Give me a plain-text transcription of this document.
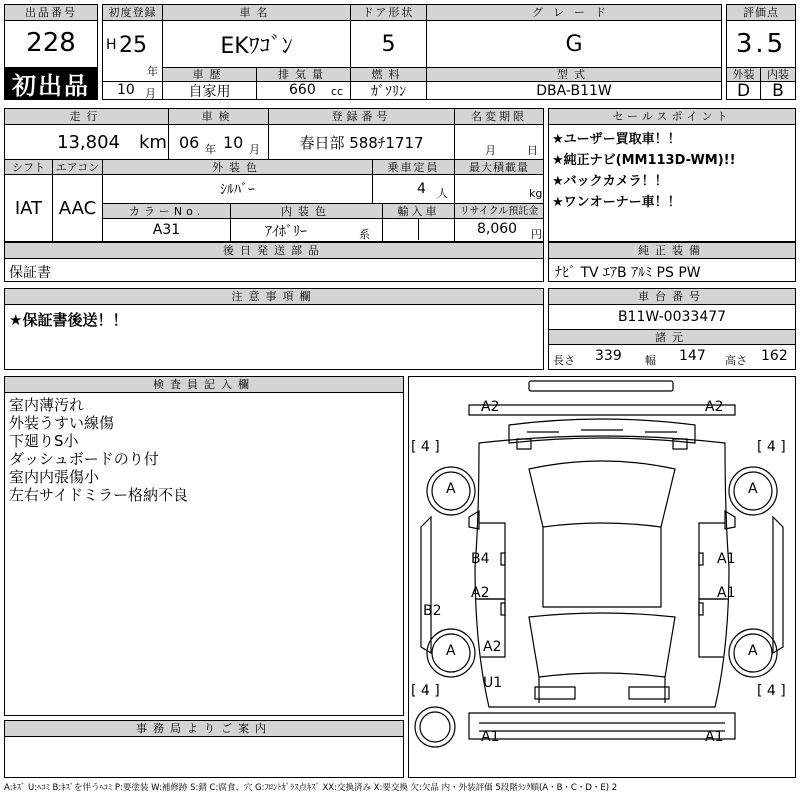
出品番号
228
初出品
初度登録	車名	ドア形状	グレード
H 25
年
EKﾜｺﾞﾝ	5	G
車歴	排気量	燃料	型式
10 月	自家用	660 cc	ｶﾞｿﾘﾝ	DBA-B11W
評価点
3.5
外装	内装
D	B
走行	車検	登録番号	名変期限
13,804 km 06 年 10 月	春日部 588ﾁ1717	月	日
シフト エアコン	外装色	乗車定員	最大積載量
IAT AAC
ｼﾙﾊﾞｰ	4 人	kg
カラーNo.	内装色	輸入車	リサイクル預託金
A31	ｱｲﾎﾞﾘｰ	系	8,060 円
後日発送部品
保証書
セールスポイント
★ユーザー買取車！！
★純正ナビ(MM113D-WM)!!
★バックカメラ！！
★ワンオーナー車！！
純正装備
ﾅﾋﾞ TV ｴｱB ｱﾙﾐ PS PW
注意事項欄
★保証書後送！！
車台番号
B11W-0033477
諸元
長さ 339 幅 147 高さ 162
検査員記入欄
室内薄汚れ
外装うすい線傷
下廻りS小
ダッシュボードのり付
室内内張傷小
左右サイドミラー格納不良
事務局よりご案内
A	A
A	A
[ 4 ]	[ 4 ]
[ 4 ]	[ 4 ]
A2	A2
B4	A1
A2	A1
B2
A2
U1
A1	A1
A:ｷｽﾞ U:ﾍｺﾐ B:ｷｽﾞを伴うﾍｺﾐ P:要塗装 W:補修跡 S:錆 C:腐食、穴 G:ﾌﾛﾝﾄｶﾞﾗｽ点ｷｽﾞ XX:交換済み X:要交換 欠:欠品 内・外装評価 5段階ﾗﾝｸ順(A・B・C・D・E) 2
